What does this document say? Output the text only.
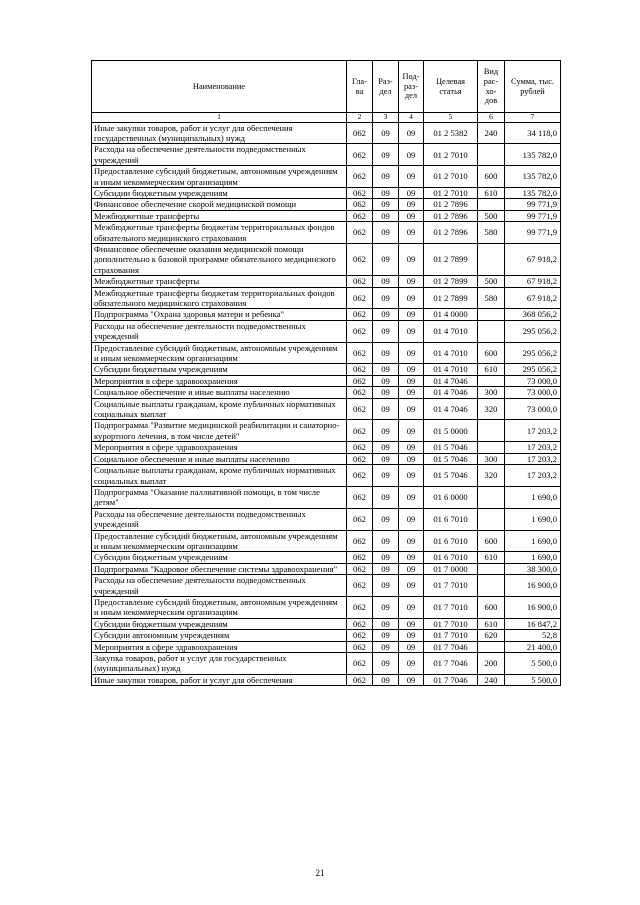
Наименование	Гла- ва	Раз- дел	Под- раз- дел	Целевая статья	Вид рас- хо- дов	Сумма, тыс. рублей
1	2	3	4	5	6	7
Иные закупки товаров, работ и услуг для обеспечения государственных (муниципальных) нужд	062	09	09	01 2 5382	240	34 118,0
Расходы на обеспечение деятельности подведомственных учреждений	062	09	09	01 2 7010		135 782,0
Предоставление субсидий бюджетным, автономным учреждениям и иным некоммерческим организациям	062	09	09	01 2 7010	600	135 782,0
Субсидии бюджетным учреждениям	062	09	09	01 2 7010	610	135 782,0
Финансовое обеспечение скорой медицинской помощи	062	09	09	01 2 7896		99 771,9
Межбюджетные трансферты	062	09	09	01 2 7896	500	99 771,9
Межбюджетные трансферты бюджетам территориальных фондов обязательного медицинского страхования	062	09	09	01 2 7896	580	99 771,9
Финансовое обеспечение оказания медицинской помощи дополнительно к базовой программе обязательного медицинского страхования	062	09	09	01 2 7899		67 918,2
Межбюджетные трансферты	062	09	09	01 2 7899	500	67 918,2
Межбюджетные трансферты бюджетам территориальных фондов обязательного медицинского страхования	062	09	09	01 2 7899	580	67 918,2
Подпрограмма "Охрана здоровья матери и ребенка"	062	09	09	01 4 0000		368 056,2
Расходы на обеспечение деятельности подведомственных учреждений	062	09	09	01 4 7010		295 056,2
Предоставление субсидий бюджетным, автономным учреждениям и иным некоммерческим организациям	062	09	09	01 4 7010	600	295 056,2
Субсидии бюджетным учреждениям	062	09	09	01 4 7010	610	295 056,2
Мероприятия в сфере здравоохранения	062	09	09	01 4 7046		73 000,0
Социальное обеспечение и иные выплаты населению	062	09	09	01 4 7046	300	73 000,0
Социальные выплаты гражданам, кроме публичных нормативных социальных выплат	062	09	09	01 4 7046	320	73 000,0
Подпрограмма "Развитие медицинской реабилитации и санаторно-курортного лечения, в том числе детей"	062	09	09	01 5 0000		17 203,2
Мероприятия в сфере здравоохранения	062	09	09	01 5 7046		17 203,2
Социальное обеспечение и иные выплаты населению	062	09	09	01 5 7046	300	17 203,2
Социальные выплаты гражданам, кроме публичных нормативных социальных выплат	062	09	09	01 5 7046	320	17 203,2
Подпрограмма "Оказание паллиативной помощи, в том числе детям"	062	09	09	01 6 0000		1 690,0
Расходы на обеспечение деятельности подведомственных учреждений	062	09	09	01 6 7010		1 690,0
Предоставление субсидий бюджетным, автономным учреждениям и иным некоммерческим организациям	062	09	09	01 6 7010	600	1 690,0
Субсидии бюджетным учреждениям	062	09	09	01 6 7010	610	1 690,0
Подпрограмма "Кадровое обеспечение системы здравоохранения"	062	09	09	01 7 0000		38 300,0
Расходы на обеспечение деятельности подведомственных учреждений	062	09	09	01 7 7010		16 900,0
Предоставление субсидий бюджетным, автономным учреждениям и иным некоммерческим организациям	062	09	09	01 7 7010	600	16 900,0
Субсидии бюджетным учреждениям	062	09	09	01 7 7010	610	16 847,2
Субсидии автономным учреждениям	062	09	09	01 7 7010	620	52,8
Мероприятия в сфере здравоохранения	062	09	09	01 7 7046		21 400,0
Закупка товаров, работ и услуг для государственных (муниципальных) нужд	062	09	09	01 7 7046	200	5 500,0
Иные закупки товаров, работ и услуг для обеспечения	062	09	09	01 7 7046	240	5 500,0
21
